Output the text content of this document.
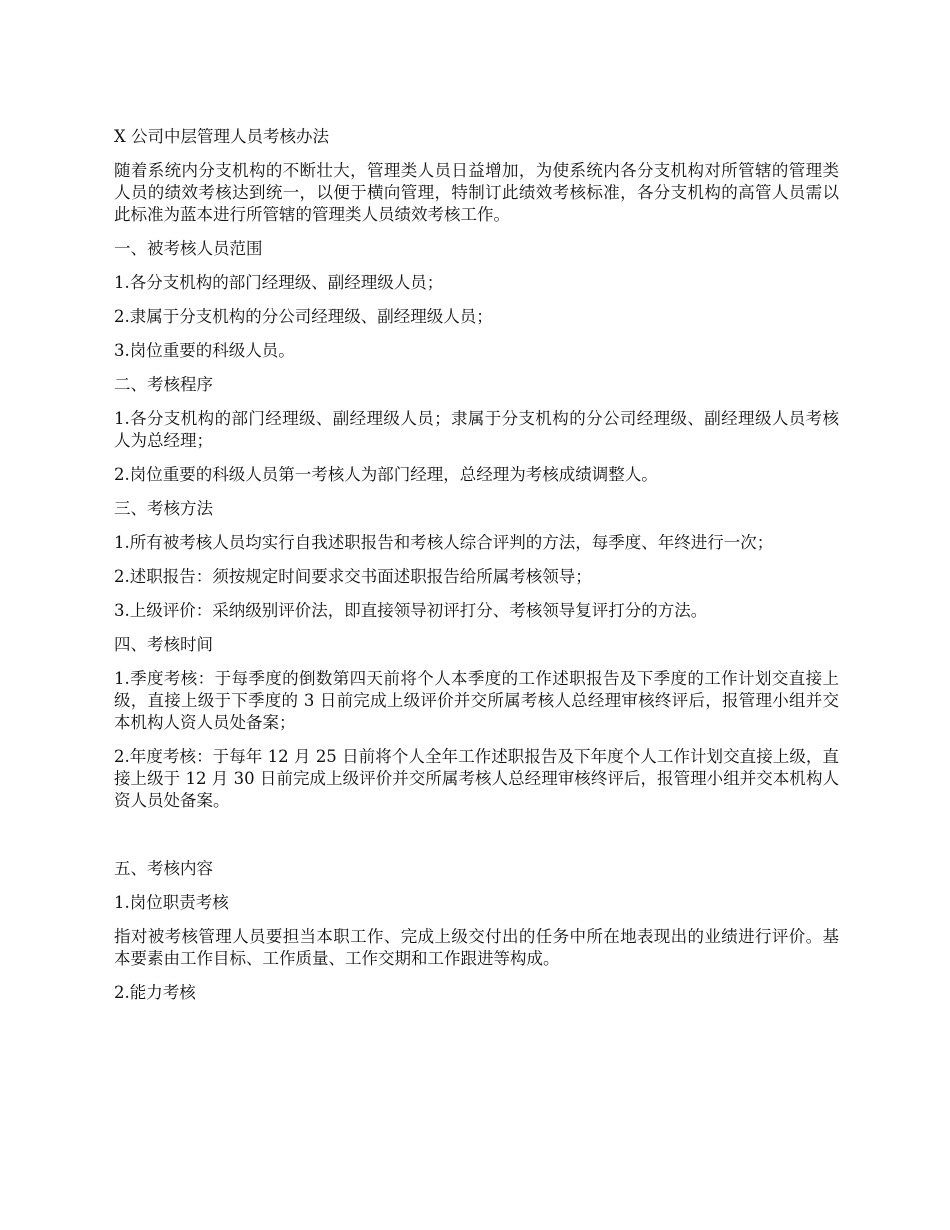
X 公司中层管理人员考核办法

随着系统内分支机构的不断壮大，管理类人员日益增加，为使系统内各分支机构对所管辖的管理类人员的绩效考核达到统一，以便于横向管理，特制订此绩效考核标准，各分支机构的高管人员需以此标准为蓝本进行所管辖的管理类人员绩效考核工作。

一、被考核人员范围

1.各分支机构的部门经理级、副经理级人员；

2.隶属于分支机构的分公司经理级、副经理级人员；

3.岗位重要的科级人员。

二、考核程序

1.各分支机构的部门经理级、副经理级人员；隶属于分支机构的分公司经理级、副经理级人员考核人为总经理；

2.岗位重要的科级人员第一考核人为部门经理，总经理为考核成绩调整人。

三、考核方法

1.所有被考核人员均实行自我述职报告和考核人综合评判的方法，每季度、年终进行一次；

2.述职报告：须按规定时间要求交书面述职报告给所属考核领导；

3.上级评价：采纳级别评价法，即直接领导初评打分、考核领导复评打分的方法。

四、考核时间

1.季度考核：于每季度的倒数第四天前将个人本季度的工作述职报告及下季度的工作计划交直接上级，直接上级于下季度的 3 日前完成上级评价并交所属考核人总经理审核终评后，报管理小组并交本机构人资人员处备案；

2.年度考核：于每年 12 月 25 日前将个人全年工作述职报告及下年度个人工作计划交直接上级，直接上级于 12 月 30 日前完成上级评价并交所属考核人总经理审核终评后，报管理小组并交本机构人资人员处备案。

五、考核内容

1.岗位职责考核

指对被考核管理人员要担当本职工作、完成上级交付出的任务中所在地表现出的业绩进行评价。基本要素由工作目标、工作质量、工作交期和工作跟进等构成。

2.能力考核
